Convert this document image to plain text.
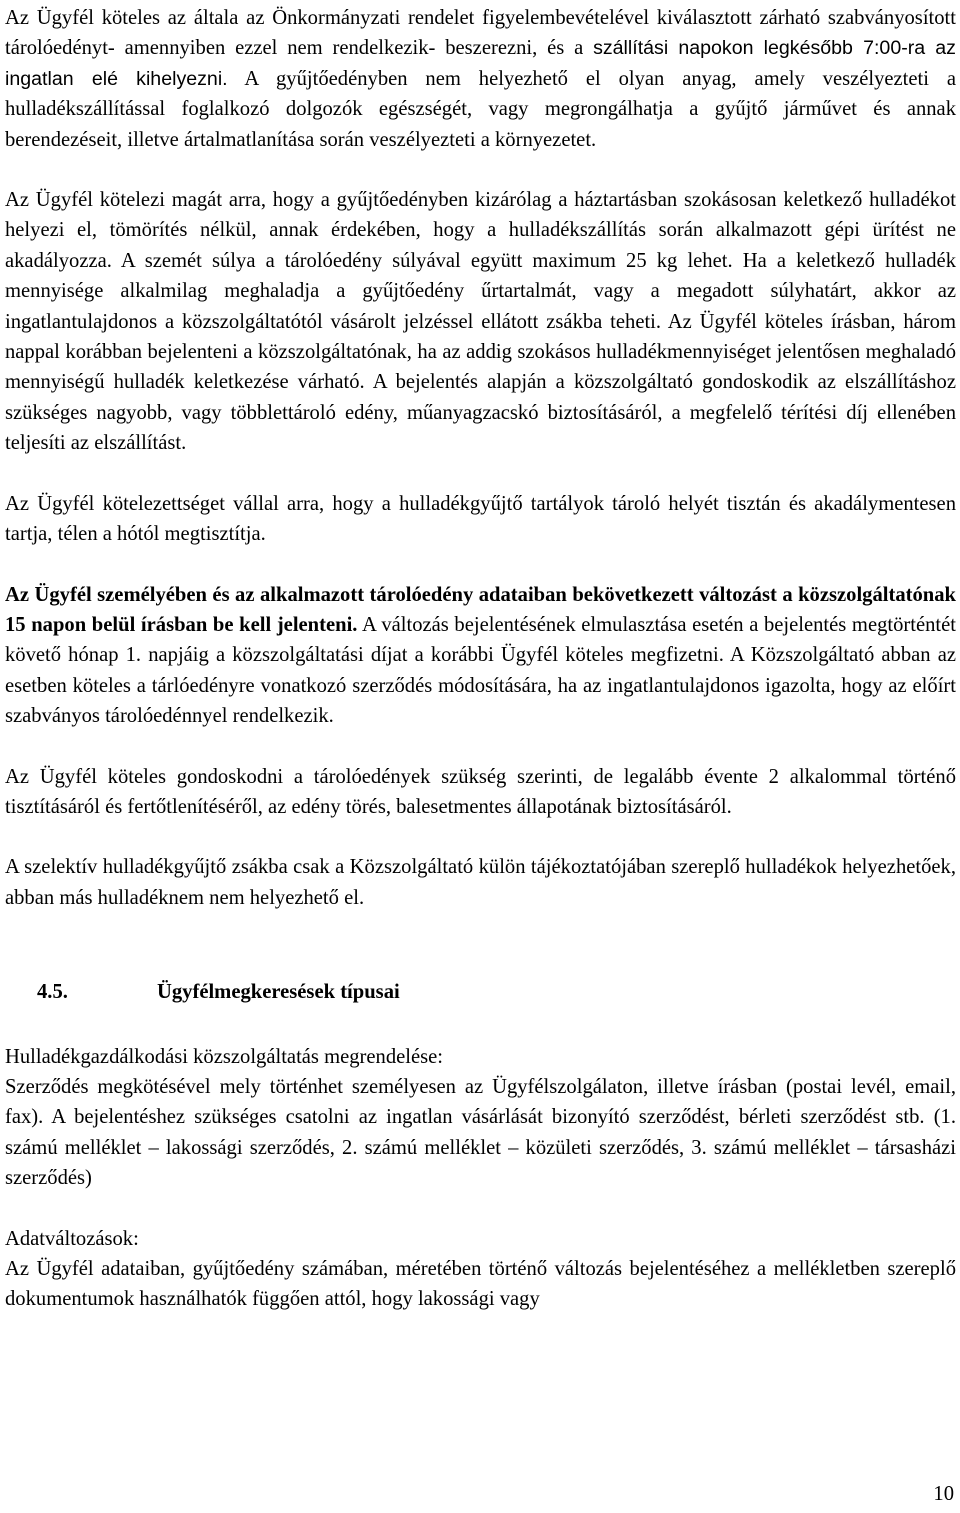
Az Ügyfél köteles az általa az Önkormányzati rendelet figyelembevételével kiválasztott zárható szabványosított tárolóedényt- amennyiben ezzel nem rendelkezik- beszerezni, és a szállítási napokon legkésőbb 7:00-ra az ingatlan elé kihelyezni. A gyűjtőedényben nem helyezhető el olyan anyag, amely veszélyezteti a hulladékszállítással foglalkozó dolgozók egészségét, vagy megrongálhatja a gyűjtő járművet és annak berendezéseit, illetve ártalmatlanítása során veszélyezteti a környezetet.

Az Ügyfél kötelezi magát arra, hogy a gyűjtőedényben kizárólag a háztartásban szokásosan keletkező hulladékot helyezi el, tömörítés nélkül, annak érdekében, hogy a hulladékszállítás során alkalmazott gépi ürítést ne akadályozza. A szemét súlya a tárolóedény súlyával együtt maximum 25 kg lehet. Ha a keletkező hulladék mennyisége alkalmilag meghaladja a gyűjtőedény űrtartalmát, vagy a megadott súlyhatárt, akkor az ingatlantulajdonos a közszolgáltatótól vásárolt jelzéssel ellátott zsákba teheti. Az Ügyfél köteles írásban, három nappal korábban bejelenteni a közszolgáltatónak, ha az addig szokásos hulladékmennyiséget jelentősen meghaladó mennyiségű hulladék keletkezése várható. A bejelentés alapján a közszolgáltató gondoskodik az elszállításhoz szükséges nagyobb, vagy többlettároló edény, műanyagzacskó biztosításáról, a megfelelő térítési díj ellenében teljesíti az elszállítást.

Az Ügyfél kötelezettséget vállal arra, hogy a hulladékgyűjtő tartályok tároló helyét tisztán és akadálymentesen tartja, télen a hótól megtisztítja.

Az Ügyfél személyében és az alkalmazott tárolóedény adataiban bekövetkezett változást a közszolgáltatónak 15 napon belül írásban be kell jelenteni. A változás bejelentésének elmulasztása esetén a bejelentés megtörténtét követő hónap 1. napjáig a közszolgáltatási díjat a korábbi Ügyfél köteles megfizetni. A Közszolgáltató abban az esetben köteles a tárlóedényre vonatkozó szerződés módosítására, ha az ingatlantulajdonos igazolta, hogy az előírt szabványos tárolóedénnyel rendelkezik.

Az Ügyfél köteles gondoskodni a tárolóedények szükség szerinti, de legalább évente 2 alkalommal történő tisztításáról és fertőtlenítéséről, az edény törés, balesetmentes állapotának biztosításáról.

A szelektív hulladékgyűjtő zsákba csak a Közszolgáltató külön tájékoztatójában szereplő hulladékok helyezhetőek, abban más hulladéknem nem helyezhető el.

4.5.	Ügyfélmegkeresések típusai

Hulladékgazdálkodási közszolgáltatás megrendelése:

Szerződés megkötésével mely történhet személyesen az Ügyfélszolgálaton, illetve írásban (postai levél, email, fax). A bejelentéshez szükséges csatolni az ingatlan vásárlását bizonyító szerződést, bérleti szerződést stb. (1. számú melléklet – lakossági szerződés, 2. számú melléklet – közületi szerződés, 3. számú melléklet – társasházi szerződés)

Adatváltozások:

Az Ügyfél adataiban, gyűjtőedény számában, méretében történő változás bejelentéséhez a mellékletben szereplő dokumentumok használhatók függően attól, hogy lakossági vagy

10
